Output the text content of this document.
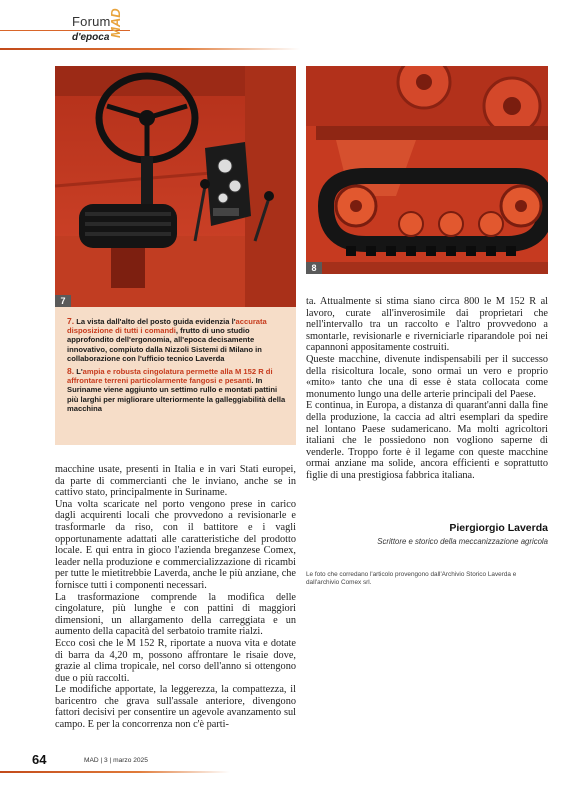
Forum
d'epoca
MAD
7
8
7. La vista dall'alto del posto guida evidenzia l'accurata disposizione di tutti i comandi, frutto di uno studio approfondito dell'ergonomia, all'epoca decisamente innovativo, compiuto dalla Nizzoli Sistemi di Milano in collaborazione con l'ufficio tecnico Laverda
8. L'ampia e robusta cingolatura permette alla M 152 R di affrontare terreni particolarmente fangosi e pesanti. In Suriname viene aggiunto un settimo rullo e montati pattini più larghi per migliorare ulteriormente la galleggiabilità della macchina

macchine usate, presenti in Italia e in vari Stati europei, da parte di commercianti che le inviano, anche se in cattivo stato, principalmente in Suriname.

Una volta scaricate nel porto vengono prese in carico dagli acquirenti locali che provvedono a revisionarle e trasformarle da riso, con il battitore e i vagli opportunamente adattati alle caratteristiche del prodotto locale. E qui entra in gioco l'azienda breganzese Comex, leader nella produzione e commercializzazione di ricambi per tutte le mietitrebbie Laverda, anche le più anziane, che fornisce tutti i componenti necessari.

La trasformazione comprende la modifica delle cingolature, più lunghe e con pattini di maggiori dimensioni, un allargamento della carreggiata e un aumento della capacità del serbatoio tramite rialzi.

Ecco così che le M 152 R, riportate a nuova vita e dotate di barra da 4,20 m, possono affrontare le risaie dove, grazie al clima tropicale, nel corso dell'anno si ottengono due o più raccolti.

Le modifiche apportate, la leggerezza, la compattezza, il baricentro che grava sull'assale anteriore, divengono fattori decisivi per consentire un agevole avanzamento sul campo. E per la concorrenza non c'è parti-

ta. Attualmente si stima siano circa 800 le M 152 R al lavoro, curate all'inverosimile dai proprietari che nell'intervallo tra un raccolto e l'altro provvedono a smontarle, revisionarle e riverniciarle riparandole poi nei capannoni appositamente costruiti.

Queste macchine, divenute indispensabili per il successo della risicoltura locale, sono ormai un vero e proprio «mito» tanto che una di esse è stata collocata come monumento lungo una delle arterie principali del Paese.

E continua, in Europa, a distanza di quarant'anni dalla fine della produzione, la caccia ad altri esemplari da spedire nel lontano Paese sudamericano. Ma molti agricoltori italiani che le possiedono non vogliono saperne di venderle. Troppo forte è il legame con queste macchine ormai anziane ma solide, ancora efficienti e soprattutto figlie di una prestigiosa fabbrica italiana.

Piergiorgio Laverda
Scrittore e storico della meccanizzazione agricola
Le foto che corredano l'articolo provengono dall'Archivio Storico Laverda e dall'archivio Comex srl.
64	MAD | 3 | marzo 2025
